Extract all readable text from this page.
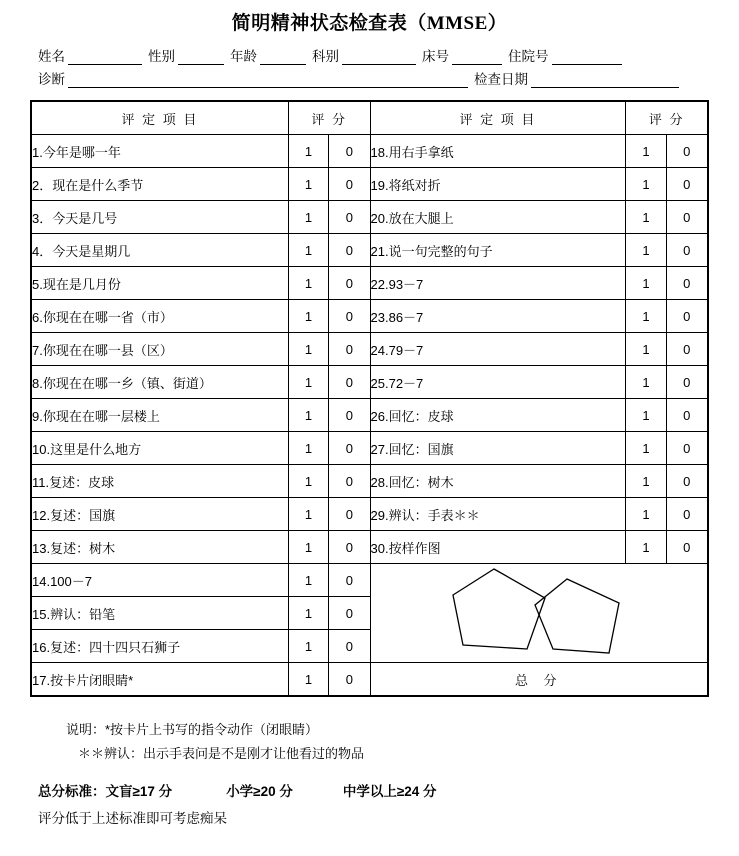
简明精神状态检查表（MMSE）
姓名	性别	年龄	科别	床号	住院号
诊断	检查日期
评 定 项 目	评 分		评 定 项 目	评 分	
1.今年是哪一年	1	0	18.用右手拿纸	1	0
2．现在是什么季节	1	0	19.将纸对折	1	0
3．今天是几号	1	0	20.放在大腿上	1	0
4．今天是星期几	1	0	21.说一句完整的句子	1	0
5.现在是几月份	1	0	22.93－7	1	0
6.你现在在哪一省（市）	1	0	23.86－7	1	0
7.你现在在哪一县（区）	1	0	24.79－7	1	0
8.你现在在哪一乡（镇、街道）	1	0	25.72－7	1	0
9.你现在在哪一层楼上	1	0	26.回忆：皮球	1	0
10.这里是什么地方	1	0	27.回忆：国旗	1	0
11.复述：皮球	1	0	28.回忆：树木	1	0
12.复述：国旗	1	0	29.辨认：手表＊＊	1	0
13.复述：树木	1	0	30.按样作图	1	0
14.100－7	1	0	

15.辨认：铅笔	1	0			
16.复述：四十四只石狮子	1	0			
17.按卡片闭眼睛*	1	0	总 分		
说明：*按卡片上书写的指令动作（闭眼睛）
＊＊辨认：出示手表问是不是刚才让他看过的物品
总分标准：文盲≥17 分	小学≥20 分	中学以上≥24 分
评分低于上述标准即可考虑痴呆
